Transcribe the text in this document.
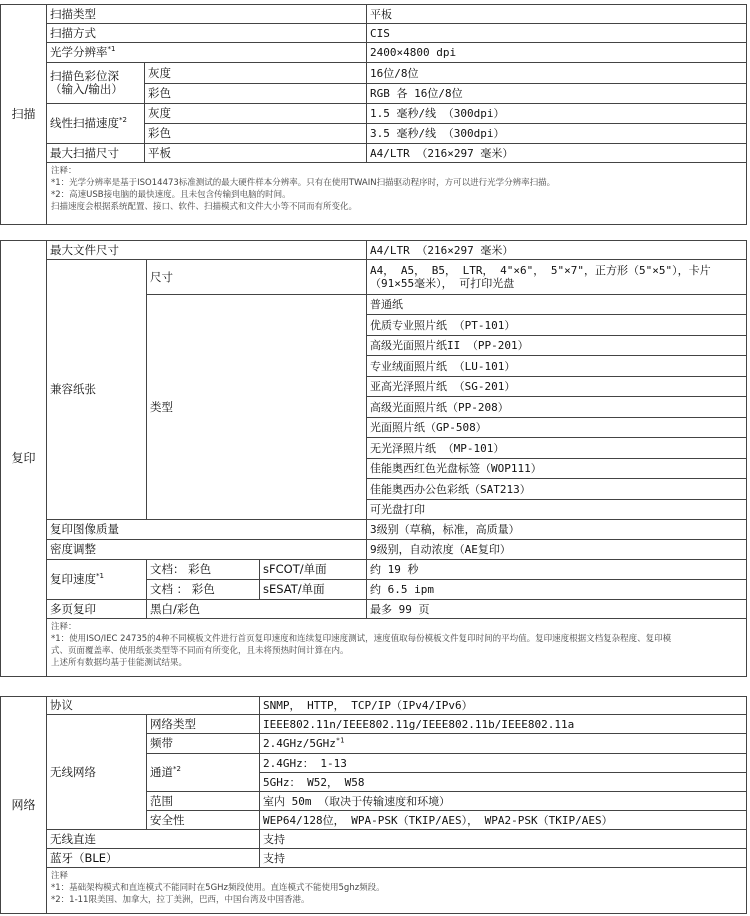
扫描	扫描类型		平板
	扫描方式		CIS
	光学分辨率$^{*1}$		2400×4800 dpi
	扫描色彩位深（输入/输出）	灰度	16位/8位
		彩色	RGB 各 16位/8位
	线性扫描速度$^{*2}$	灰度	1.5 毫秒/线 （300dpi）
		彩色	3.5 毫秒/线 （300dpi）
	最大扫描尺寸	平板	A4/LTR （216×297 毫米）

	注释：
*1：光学分辨率是基于ISO14473标准测试的最大硬件样本分辨率。只有在使用TWAIN扫描驱动程序时，方可以进行光学分辨率扫描。
*2：高速USB接电脑的最快速度。且未包含传输到电脑的时间。
扫描速度会根据系统配置、接口、软件、扫描模式和文件大小等不同而有所变化。		
复印	最大文件尺寸			A4/LTR （216×297 毫米）
	兼容纸张	尺寸		A4， A5， B5， LTR， 4"×6"， 5"×7"，正方形（5"×5"），卡片（91×55毫米）， 可打印光盘
		类型		普通纸
				优质专业照片纸 （PT-101）
				高级光面照片纸II （PP-201）
				专业绒面照片纸 （LU-101）
				亚高光泽照片纸 （SG-201）
				高级光面照片纸（PP-208）
				光面照片纸（GP-508）
				无光泽照片纸 （MP-101）
				佳能奥西红色光盘标签（WOP111）
				佳能奥西办公色彩纸（SAT213）
				可光盘打印
	复印图像质量			3级别（草稿，标准，高质量）
	密度调整			9级别，自动浓度（AE复印）
	复印速度$^{*1}$	文档： 彩色	sFCOT/单面	约 19 秒
		文档 ： 彩色	sESAT/单面	约 6.5 ipm
	多页复印	黑白/彩色		最多 99 页

	注释：
*1：使用ISO/IEC 24735的4种不同模板文件进行首页复印速度和连续复印速度测试，速度值取每份模板文件复印时间的平均值。复印速度根据文档复杂程度、复印模
式、页面覆盖率、使用纸张类型等不同而有所变化，且未将预热时间计算在内。
上述所有数据均基于佳能测试结果。			
网络	协议		SNMP， HTTP， TCP/IP（IPv4/IPv6）
	无线网络	网络类型	IEEE802.11n/IEEE802.11g/IEEE802.11b/IEEE802.11a
		频带	2.4GHz/5GHz$^{*1}$
		通道$^{*2}$	2.4GHz： 1-13
			5GHz： W52， W58
		范围	室内 50m （取决于传输速度和环境）
		安全性	WEP64/128位， WPA-PSK（TKIP/AES）， WPA2-PSK（TKIP/AES）
	无线直连		支持
	蓝牙（BLE）		支持

	注释
*1：基础架构模式和直连模式不能同时在5GHz频段使用。直连模式不能使用5ghz频段。
*2：1-11限美国、加拿大，拉丁美洲，巴西，中国台湾及中国香港。		
